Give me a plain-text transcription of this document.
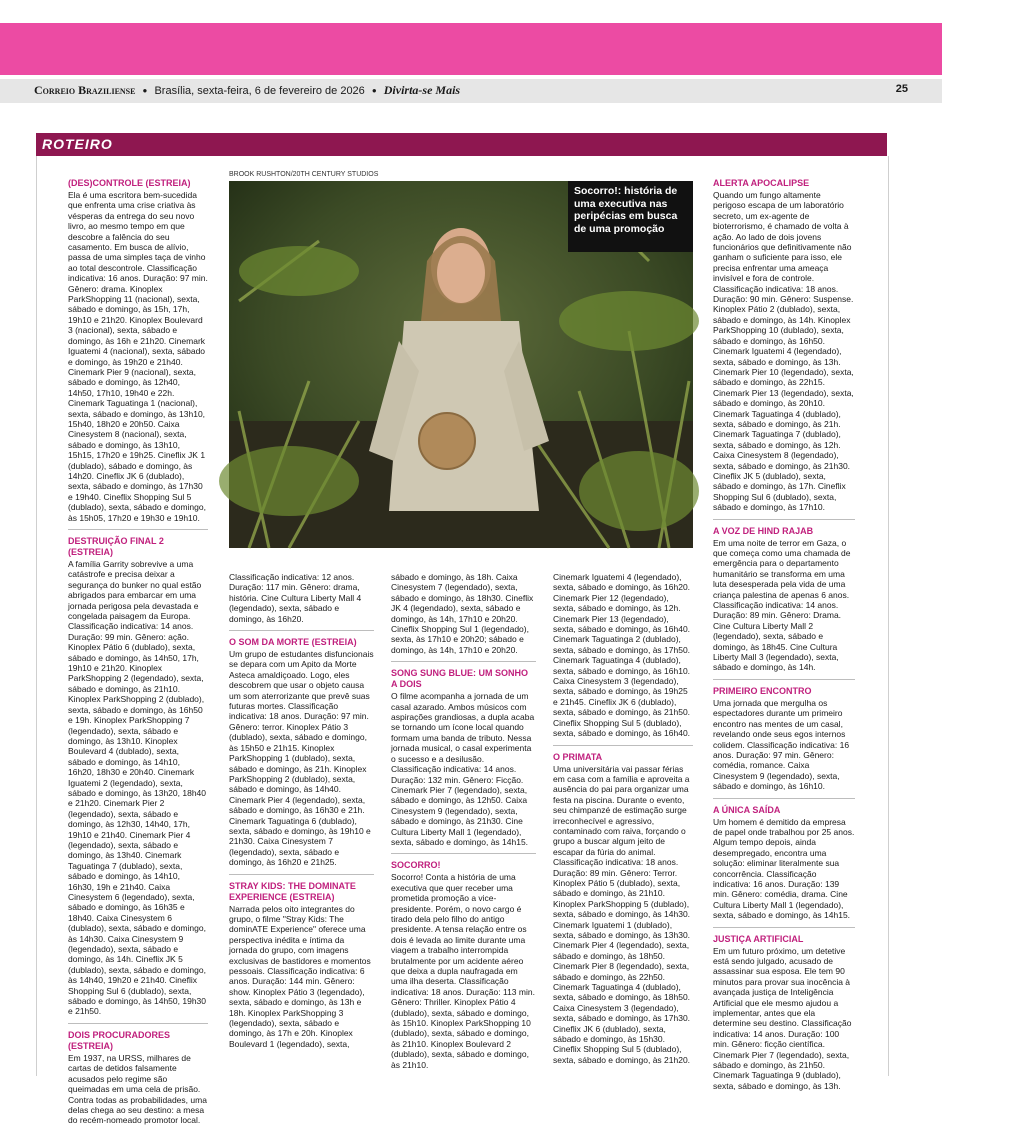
Correio Braziliense ● Brasília, sexta-feira, 6 de fevereiro de 2026 ● Divirta-se Mais	25
ROTEIRO
BROOK RUSHTON/20TH CENTURY STUDIOS
Socorro!: história de uma executiva nas peripécias em busca de uma promoção
(DES)CONTROLE (ESTREIA)
Ela é uma escritora bem-sucedida que enfrenta uma crise criativa às vésperas da entrega do seu novo livro, ao mesmo tempo em que descobre a falência do seu casamento. Em busca de alívio, passa de uma simples taça de vinho ao total descontrole. Classificação indicativa: 16 anos. Duração: 97 min. Gênero: drama. Kinoplex ParkShopping 11 (nacional), sexta, sábado e domingo, às 15h, 17h, 19h10 e 21h20. Kinoplex Boulevard 3 (nacional), sexta, sábado e domingo, às 16h e 21h20. Cinemark Iguatemi 4 (nacional), sexta, sábado e domingo, às 19h20 e 21h40. Cinemark Pier 9 (nacional), sexta, sábado e domingo, às 12h40, 14h50, 17h10, 19h40 e 22h. Cinemark Taguatinga 1 (nacional), sexta, sábado e domingo, às 13h10, 15h40, 18h20 e 20h50. Caixa Cinesystem 8 (nacional), sexta, sábado e domingo, às 13h10, 15h15, 17h20 e 19h25. Cineflix JK 1 (dublado), sábado e domingo, às 14h20. Cineflix JK 6 (dublado), sexta, sábado e domingo, às 17h30 e 19h40. Cineflix Shopping Sul 5 (dublado), sexta, sábado e domingo, às 15h05, 17h20 e 19h30 e 19h10.
DESTRUIÇÃO FINAL 2 (ESTREIA)
A família Garrity sobrevive a uma catástrofe e precisa deixar a segurança do bunker no qual estão abrigados para embarcar em uma jornada perigosa pela devastada e congelada paisagem da Europa. Classificação indicativa: 14 anos. Duração: 99 min. Gênero: ação. Kinoplex Pátio 6 (dublado), sexta, sábado e domingo, às 14h50, 17h, 19h10 e 21h20. Kinoplex ParkShopping 2 (legendado), sexta, sábado e domingo, às 21h10. Kinoplex ParkShopping 2 (dublado), sexta, sábado e domingo, às 16h50 e 19h. Kinoplex ParkShopping 7 (legendado), sexta, sábado e domingo, às 13h10. Kinoplex Boulevard 4 (dublado), sexta, sábado e domingo, às 14h10, 16h20, 18h30 e 20h40. Cinemark Iguatemi 2 (legendado), sexta, sábado e domingo, às 13h20, 18h40 e 21h20. Cinemark Pier 2 (legendado), sexta, sábado e domingo, às 12h30, 14h40, 17h, 19h10 e 21h40. Cinemark Pier 4 (legendado), sexta, sábado e domingo, às 13h40. Cinemark Taguatinga 7 (dublado), sexta, sábado e domingo, às 14h10, 16h30, 19h e 21h40. Caixa Cinesystem 6 (legendado), sexta, sábado e domingo, às 16h35 e 18h40. Caixa Cinesystem 6 (dublado), sexta, sábado e domingo, às 14h30. Caixa Cinesystem 9 (legendado), sexta, sábado e domingo, às 14h. Cineflix JK 5 (dublado), sexta, sábado e domingo, às 14h40, 19h20 e 21h40. Cineflix Shopping Sul 6 (dublado), sexta, sábado e domingo, às 14h50, 19h30 e 21h50.
DOIS PROCURADORES (ESTREIA)
Em 1937, na URSS, milhares de cartas de detidos falsamente acusados pelo regime são queimadas em uma cela de prisão. Contra todas as probabilidades, uma delas chega ao seu destino: a mesa do recém-nomeado promotor local.
Classificação indicativa: 12 anos. Duração: 117 min. Gênero: drama, história. Cine Cultura Liberty Mall 4 (legendado), sexta, sábado e domingo, às 16h20.
O SOM DA MORTE (ESTREIA)
Um grupo de estudantes disfuncionais se depara com um Apito da Morte Asteca amaldiçoado. Logo, eles descobrem que usar o objeto causa um som aterrorizante que prevê suas futuras mortes. Classificação indicativa: 18 anos. Duração: 97 min. Gênero: terror. Kinoplex Pátio 3 (dublado), sexta, sábado e domingo, às 15h50 e 21h15. Kinoplex ParkShopping 1 (dublado), sexta, sábado e domingo, às 21h. Kinoplex ParkShopping 2 (dublado), sexta, sábado e domingo, às 14h40. Cinemark Pier 4 (legendado), sexta, sábado e domingo, às 16h30 e 21h. Cinemark Taguatinga 6 (dublado), sexta, sábado e domingo, às 19h10 e 21h30. Caixa Cinesystem 7 (legendado), sexta, sábado e domingo, às 16h20 e 21h25.
STRAY KIDS: THE DOMINATE EXPERIENCE (ESTREIA)
Narrada pelos oito integrantes do grupo, o filme "Stray Kids: The dominATE Experience" oferece uma perspectiva inédita e íntima da jornada do grupo, com imagens exclusivas de bastidores e momentos pessoais. Classificação indicativa: 6 anos. Duração: 144 min. Gênero: show. Kinoplex Pátio 3 (legendado), sexta, sábado e domingo, às 13h e 18h. Kinoplex ParkShopping 3 (legendado), sexta, sábado e domingo, às 17h e 20h. Kinoplex Boulevard 1 (legendado), sexta,
sábado e domingo, às 18h. Caixa Cinesystem 7 (legendado), sexta, sábado e domingo, às 18h30. Cineflix JK 4 (legendado), sexta, sábado e domingo, às 14h, 17h10 e 20h20. Cineflix Shopping Sul 1 (legendado), sexta, às 17h10 e 20h20; sábado e domingo, às 14h, 17h10 e 20h20.
SONG SUNG BLUE: UM SONHO A DOIS
O filme acompanha a jornada de um casal azarado. Ambos músicos com aspirações grandiosas, a dupla acaba se tornando um ícone local quando formam uma banda de tributo. Nessa jornada musical, o casal experimenta o sucesso e a desilusão. Classificação indicativa: 14 anos. Duração: 132 min. Gênero: Ficção. Cinemark Pier 7 (legendado), sexta, sábado e domingo, às 12h50. Caixa Cinesystem 9 (legendado), sexta, sábado e domingo, às 21h30. Cine Cultura Liberty Mall 1 (legendado), sexta, sábado e domingo, às 14h15.
SOCORRO!
Socorro! Conta a história de uma executiva que quer receber uma prometida promoção a vice-presidente. Porém, o novo cargo é tirado dela pelo filho do antigo presidente. A tensa relação entre os dois é levada ao limite durante uma viagem a trabalho interrompida brutalmente por um acidente aéreo que deixa a dupla naufragada em uma ilha deserta. Classificação indicativa: 18 anos. Duração: 113 min. Gênero: Thriller. Kinoplex Pátio 4 (dublado), sexta, sábado e domingo, às 15h10. Kinoplex ParkShopping 10 (dublado), sexta, sábado e domingo, às 21h10. Kinoplex Boulevard 2 (dublado), sexta, sábado e domingo, às 21h10.
Cinemark Iguatemi 4 (legendado), sexta, sábado e domingo, às 16h20. Cinemark Pier 12 (legendado), sexta, sábado e domingo, às 12h. Cinemark Pier 13 (legendado), sexta, sábado e domingo, às 16h40. Cinemark Taguatinga 2 (dublado), sexta, sábado e domingo, às 17h50. Cinemark Taguatinga 4 (dublado), sexta, sábado e domingo, às 16h10. Caixa Cinesystem 3 (legendado), sexta, sábado e domingo, às 19h25 e 21h45. Cineflix JK 6 (dublado), sexta, sábado e domingo, às 21h50. Cineflix Shopping Sul 5 (dublado), sexta, sábado e domingo, às 16h40.
O PRIMATA
Uma universitária vai passar férias em casa com a família e aproveita a ausência do pai para organizar uma festa na piscina. Durante o evento, seu chimpanzé de estimação surge irreconhecível e agressivo, contaminado com raiva, forçando o grupo a buscar algum jeito de escapar da fúria do animal. Classificação indicativa: 18 anos. Duração: 89 min. Gênero: Terror. Kinoplex Pátio 5 (dublado), sexta, sábado e domingo, às 21h10. Kinoplex ParkShopping 5 (dublado), sexta, sábado e domingo, às 14h30. Cinemark Iguatemi 1 (dublado), sexta, sábado e domingo, às 13h30. Cinemark Pier 4 (legendado), sexta, sábado e domingo, às 18h50. Cinemark Pier 8 (legendado), sexta, sábado e domingo, às 22h50. Cinemark Taguatinga 4 (dublado), sexta, sábado e domingo, às 18h50. Caixa Cinesystem 3 (legendado), sexta, sábado e domingo, às 17h30. Cineflix JK 6 (dublado), sexta, sábado e domingo, às 15h30. Cineflix Shopping Sul 5 (dublado), sexta, sábado e domingo, às 21h20.
ALERTA APOCALIPSE
Quando um fungo altamente perigoso escapa de um laboratório secreto, um ex-agente de bioterrorismo, é chamado de volta à ação. Ao lado de dois jovens funcionários que definitivamente não ganham o suficiente para isso, ele precisa enfrentar uma ameaça invisível e fora de controle. Classificação indicativa: 18 anos. Duração: 90 min. Gênero: Suspense. Kinoplex Pátio 2 (dublado), sexta, sábado e domingo, às 14h. Kinoplex ParkShopping 10 (dublado), sexta, sábado e domingo, às 16h50. Cinemark Iguatemi 4 (legendado), sexta, sábado e domingo, às 13h. Cinemark Pier 10 (legendado), sexta, sábado e domingo, às 22h15. Cinemark Pier 13 (legendado), sexta, sábado e domingo, às 20h10. Cinemark Taguatinga 4 (dublado), sexta, sábado e domingo, às 21h. Cinemark Taguatinga 7 (dublado), sexta, sábado e domingo, às 12h. Caixa Cinesystem 8 (legendado), sexta, sábado e domingo, às 21h30. Cineflix JK 5 (dublado), sexta, sábado e domingo, às 17h. Cineflix Shopping Sul 6 (dublado), sexta, sábado e domingo, às 17h10.
A VOZ DE HIND RAJAB
Em uma noite de terror em Gaza, o que começa como uma chamada de emergência para o departamento humanitário se transforma em uma luta desesperada pela vida de uma criança palestina de apenas 6 anos. Classificação indicativa: 14 anos. Duração: 89 min. Gênero: Drama. Cine Cultura Liberty Mall 2 (legendado), sexta, sábado e domingo, às 18h45. Cine Cultura Liberty Mall 3 (legendado), sexta, sábado e domingo, às 14h.
PRIMEIRO ENCONTRO
Uma jornada que mergulha os espectadores durante um primeiro encontro nas mentes de um casal, revelando onde seus egos internos colidem. Classificação indicativa: 16 anos. Duração: 97 min. Gênero: comédia, romance. Caixa Cinesystem 9 (legendado), sexta, sábado e domingo, às 16h10.
A ÚNICA SAÍDA
Um homem é demitido da empresa de papel onde trabalhou por 25 anos. Algum tempo depois, ainda desempregado, encontra uma solução: eliminar literalmente sua concorrência. Classificação indicativa: 16 anos. Duração: 139 min. Gênero: comédia, drama. Cine Cultura Liberty Mall 1 (legendado), sexta, sábado e domingo, às 14h15.
JUSTIÇA ARTIFICIAL
Em um futuro próximo, um detetive está sendo julgado, acusado de assassinar sua esposa. Ele tem 90 minutos para provar sua inocência à avançada justiça de Inteligência Artificial que ele mesmo ajudou a implementar, antes que ela determine seu destino. Classificação indicativa: 14 anos. Duração: 100 min. Gênero: ficção científica. Cinemark Pier 7 (legendado), sexta, sábado e domingo, às 21h50. Cinemark Taguatinga 9 (dublado), sexta, sábado e domingo, às 13h.
